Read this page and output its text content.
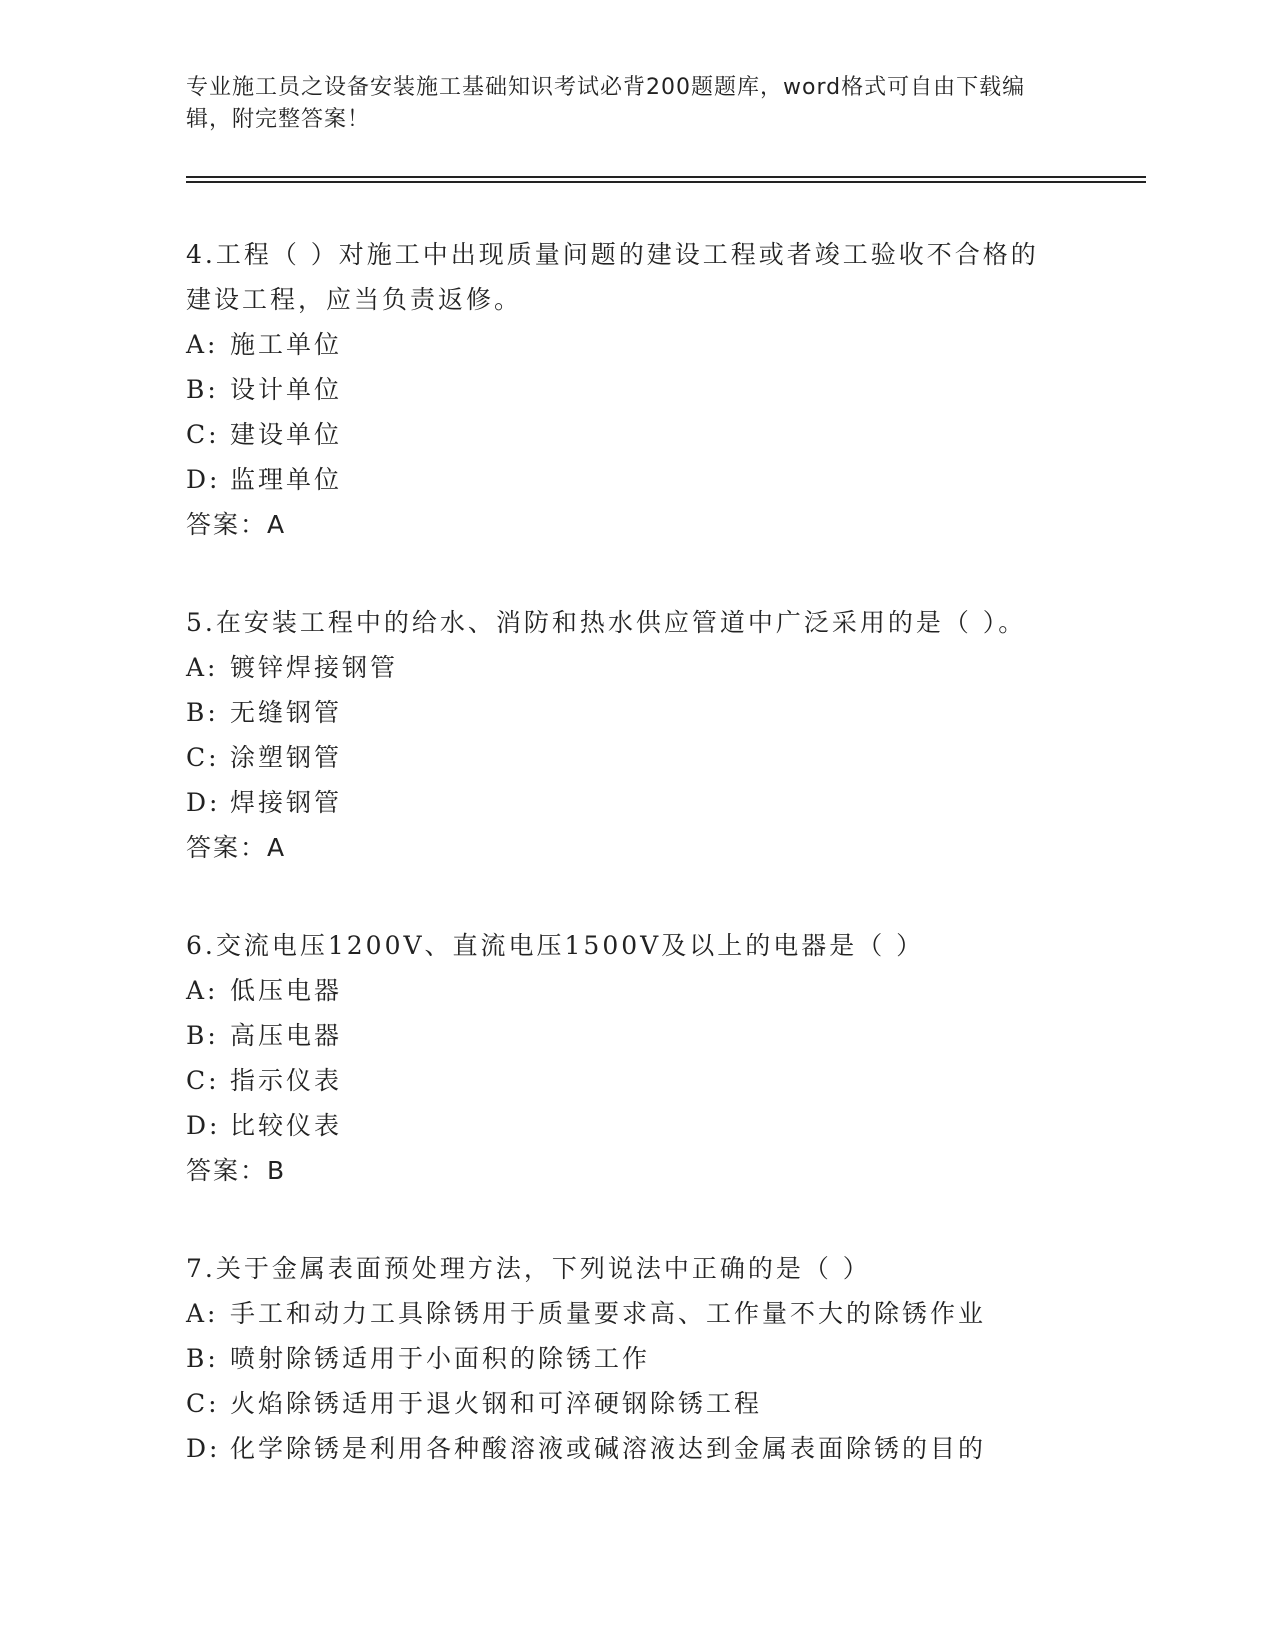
专业施工员之设备安装施工基础知识考试必背200题题库，word格式可自由下载编辑，附完整答案！
4.工程（ ）对施工中出现质量问题的建设工程或者竣工验收不合格的建设工程，应当负责返修。
A: 施工单位
B: 设计单位
C: 建设单位
D: 监理单位
答案：A
5.在安装工程中的给水、消防和热水供应管道中广泛采用的是（ ）。
A: 镀锌焊接钢管
B: 无缝钢管
C: 涂塑钢管
D: 焊接钢管
答案：A
6.交流电压1200V、直流电压1500V及以上的电器是（ ）
A: 低压电器
B: 高压电器
C: 指示仪表
D: 比较仪表
答案：B
7.关于金属表面预处理方法，下列说法中正确的是（ ）
A: 手工和动力工具除锈用于质量要求高、工作量不大的除锈作业
B: 喷射除锈适用于小面积的除锈工作
C: 火焰除锈适用于退火钢和可淬硬钢除锈工程
D: 化学除锈是利用各种酸溶液或碱溶液达到金属表面除锈的目的
